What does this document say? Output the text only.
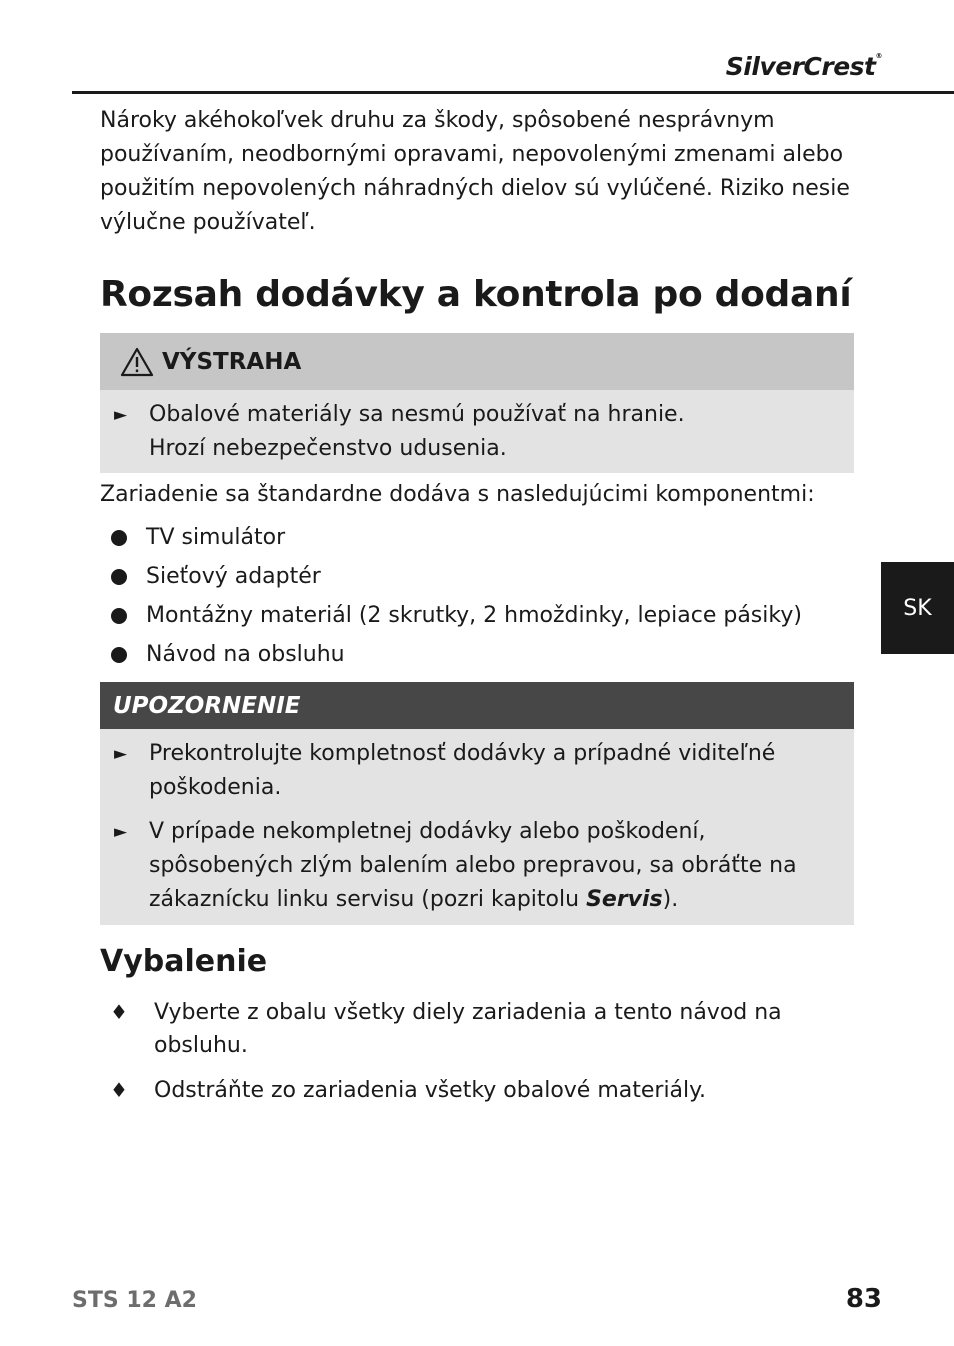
SilverCrest®

Nároky akéhokoľvek druhu za škody, spôsobené nesprávnym používaním, neodbornými opravami, nepovolenými zmenami alebo použitím nepovolených náhradných dielov sú vylúčené. Riziko nesie výlučne používateľ.

Rozsah dodávky a kontrola po dodaní
VÝSTRAHA
► Obalové materiály sa nesmú používať na hranie.
Hrozí nebezpečenstvo udusenia.

Zariadenie sa štandardne dodáva s nasledujúcimi komponentmi:

TV simulátor
Sieťový adaptér
Montážny materiál (2 skrutky, 2 hmoždinky, lepiace pásiky)
Návod na obsluhu
UPOZORNENIE
► Prekontrolujte kompletnosť dodávky a prípadné viditeľné poškodenia.
► V prípade nekompletnej dodávky alebo poškodení, spôsobených zlým balením alebo prepravou, sa obráťte na zákaznícku linku servisu (pozri kapitolu Servis).
Vybalenie
♦ Vyberte z obalu všetky diely zariadenia a tento návod na obsluhu.
♦ Odstráňte zo zariadenia všetky obalové materiály.
SK
STS 12 A2	83
